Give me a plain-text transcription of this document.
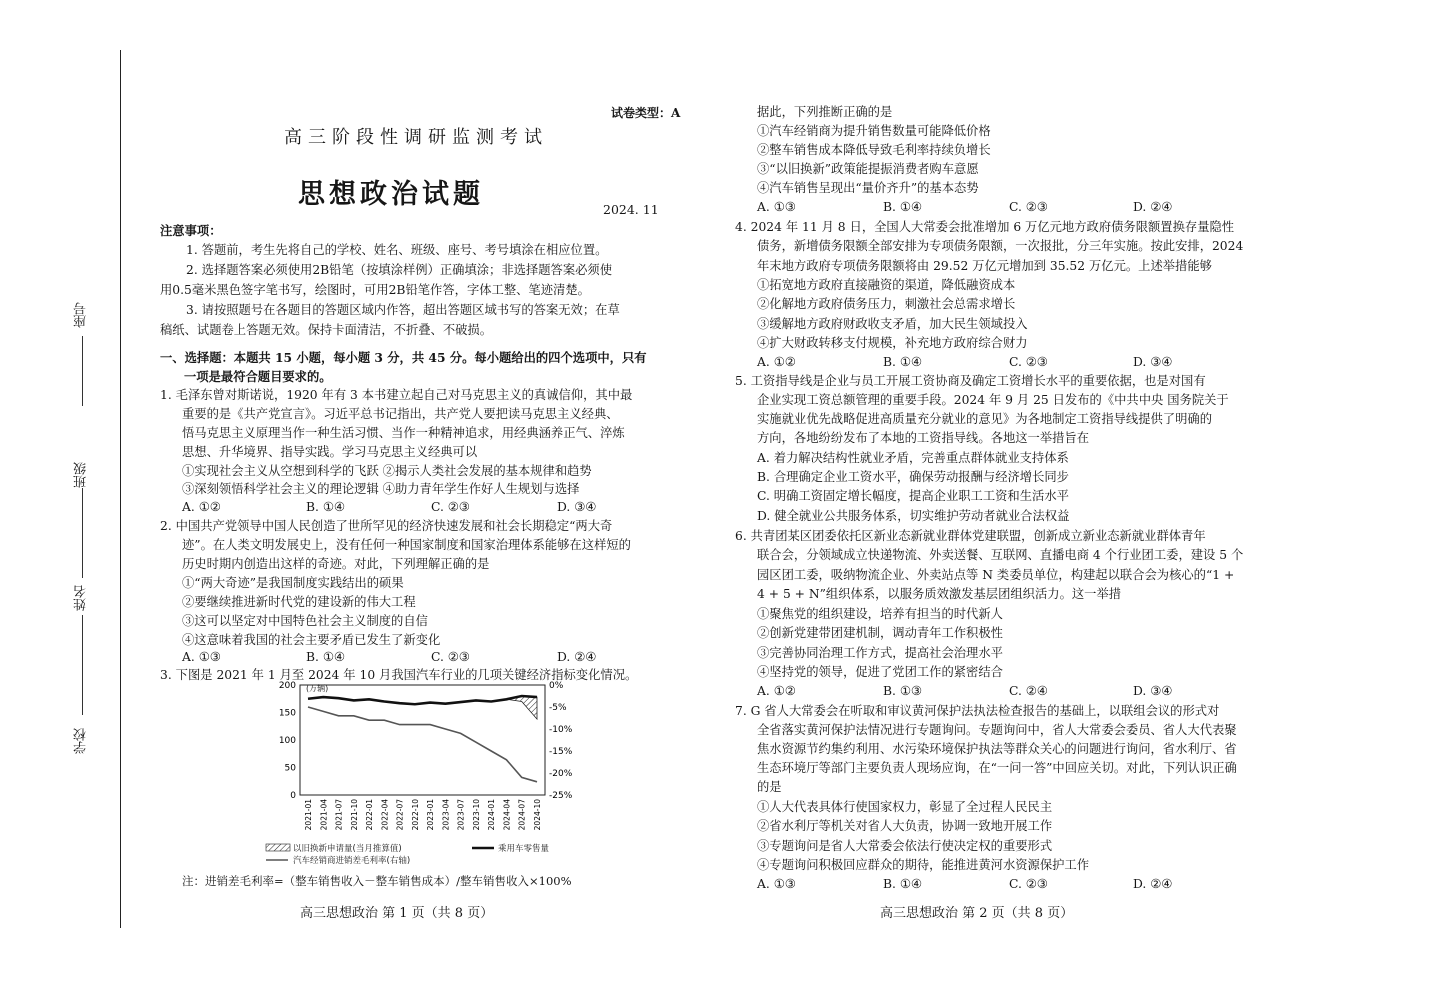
座号
班级
姓名
学校
试卷类型：A
高三阶段性调研监测考试
思想政治试题	2024. 11
注意事项：
1. 答题前，考生先将自己的学校、姓名、班级、座号、考号填涂在相应位置。
2. 选择题答案必须使用2B铅笔（按填涂样例）正确填涂；非选择题答案必须使
用0.5毫米黑色签字笔书写，绘图时，可用2B铅笔作答，字体工整、笔迹清楚。
3. 请按照题号在各题目的答题区域内作答，超出答题区域书写的答案无效；在草
稿纸、试题卷上答题无效。保持卡面清洁，不折叠、不破损。
一、选择题：本题共 15 小题，每小题 3 分，共 45 分。每小题给出的四个选项中，只有
一项是最符合题目要求的。
1. 毛泽东曾对斯诺说，1920 年有 3 本书建立起自己对马克思主义的真诚信仰，其中最
重要的是《共产党宣言》。习近平总书记指出，共产党人要把读马克思主义经典、
悟马克思主义原理当作一种生活习惯、当作一种精神追求，用经典涵养正气、淬炼
思想、升华境界、指导实践。学习马克思主义经典可以
①实现社会主义从空想到科学的飞跃 ②揭示人类社会发展的基本规律和趋势
③深刻领悟科学社会主义的理论逻辑 ④助力青年学生作好人生规划与选择
A. ①②	B. ①④	C. ②③	D. ③④
2. 中国共产党领导中国人民创造了世所罕见的经济快速发展和社会长期稳定“两大奇
迹”。在人类文明发展史上，没有任何一种国家制度和国家治理体系能够在这样短的
历史时期内创造出这样的奇迹。对此，下列理解正确的是
①“两大奇迹”是我国制度实践结出的硕果
②要继续推进新时代党的建设新的伟大工程
③这可以坚定对中国特色社会主义制度的自信
④这意味着我国的社会主要矛盾已发生了新变化
A. ①③	B. ①④	C. ②③	D. ②④
3. 下图是 2021 年 1 月至 2024 年 10 月我国汽车行业的几项关键经济指标变化情况。
200
150
100
50
0
0%
-5%
-10%
-15%
-20%
-25%
2021-01 2021-04 2021-07 2021-10 2022-01 2022-04 2022-07 2022-10 2023-01 2023-04 2023-07 2023-10 2024-01 2024-04 2024-07 2024-10
(万辆)
以旧换新申请量(当月推算值)	乘用车零售量
汽车经销商进销差毛利率(右轴)
注：进销差毛利率=（整车销售收入－整车销售成本）/整车销售收入×100%
高三思想政治 第 1 页（共 8 页）	高三思想政治 第 2 页（共 8 页）
据此，下列推断正确的是
①汽车经销商为提升销售数量可能降低价格
②整车销售成本降低导致毛利率持续负增长
③“以旧换新”政策能提振消费者购车意愿
④汽车销售呈现出“量价齐升”的基本态势
A. ①③	B. ①④	C. ②③	D. ②④
4. 2024 年 11 月 8 日，全国人大常委会批准增加 6 万亿元地方政府债务限额置换存量隐性
债务，新增债务限额全部安排为专项债务限额，一次报批，分三年实施。按此安排，2024
年末地方政府专项债务限额将由 29.52 万亿元增加到 35.52 万亿元。上述举措能够
①拓宽地方政府直接融资的渠道，降低融资成本
②化解地方政府债务压力，刺激社会总需求增长
③缓解地方政府财政收支矛盾，加大民生领域投入
④扩大财政转移支付规模，补充地方政府综合财力
A. ①②	B. ①④	C. ②③	D. ③④
5. 工资指导线是企业与员工开展工资协商及确定工资增长水平的重要依据，也是对国有
企业实现工资总额管理的重要手段。2024 年 9 月 25 日发布的《中共中央 国务院关于
实施就业优先战略促进高质量充分就业的意见》为各地制定工资指导线提供了明确的
方向，各地纷纷发布了本地的工资指导线。各地这一举措旨在
A. 着力解决结构性就业矛盾，完善重点群体就业支持体系
B. 合理确定企业工资水平，确保劳动报酬与经济增长同步
C. 明确工资固定增长幅度，提高企业职工工资和生活水平
D. 健全就业公共服务体系，切实维护劳动者就业合法权益
6. 共青团某区团委依托区新业态新就业群体党建联盟，创新成立新业态新就业群体青年
联合会，分领域成立快递物流、外卖送餐、互联网、直播电商 4 个行业团工委，建设 5 个
园区团工委，吸纳物流企业、外卖站点等 N 类委员单位，构建起以联合会为核心的“1 +
4 + 5 + N”组织体系，以服务质效激发基层团组织活力。这一举措
①聚焦党的组织建设，培养有担当的时代新人
②创新党建带团建机制，调动青年工作积极性
③完善协同治理工作方式，提高社会治理水平
④坚持党的领导，促进了党团工作的紧密结合
A. ①②	B. ①③	C. ②④	D. ③④
7. G 省人大常委会在听取和审议黄河保护法执法检查报告的基础上，以联组会议的形式对
全省落实黄河保护法情况进行专题询问。专题询问中，省人大常委会委员、省人大代表聚
焦水资源节约集约利用、水污染环境保护执法等群众关心的问题进行询问，省水利厅、省
生态环境厅等部门主要负责人现场应询，在“一问一答”中回应关切。对此，下列认识正确
的是
①人大代表具体行使国家权力，彰显了全过程人民民主
②省水利厅等机关对省人大负责，协调一致地开展工作
③专题询问是省人大常委会依法行使决定权的重要形式
④专题询问积极回应群众的期待，能推进黄河水资源保护工作
A. ①③	B. ①④	C. ②③	D. ②④
